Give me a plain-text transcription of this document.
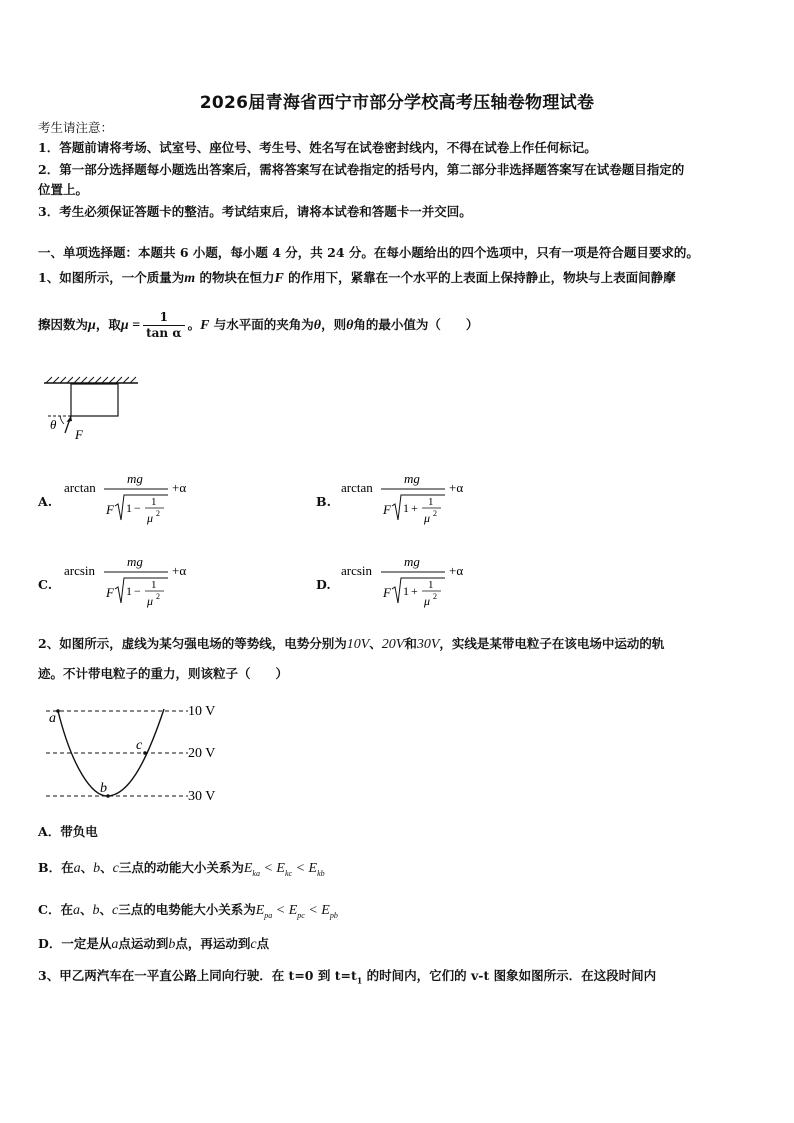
2026届青海省西宁市部分学校高考压轴卷物理试卷
考生请注意：
1．答题前请将考场、试室号、座位号、考生号、姓名写在试卷密封线内，不得在试卷上作任何标记。
2．第一部分选择题每小题选出答案后，需将答案写在试卷指定的括号内，第二部分非选择题答案写在试卷题目指定的
位置上。
3．考生必须保证答题卡的整洁。考试结束后，请将本试卷和答题卡一并交回。
一、单项选择题：本题共 6 小题，每小题 4 分，共 24 分。在每小题给出的四个选项中，只有一项是符合题目要求的。
1、如图所示，一个质量为m 的物块在恒力F 的作用下，紧靠在一个水平的上表面上保持静止，物块与上表面间静摩
擦因数为μ，取$\mu = \frac{1}{\text{tan α}}$ 。F 与水平面的夹角为θ，则θ角的最小值为（　　）
θ
F
A.
arctan
mg
F 1 − 1
μ 2
+α
B.
arctan
mg
F 1 + 1
μ 2
+α
C.
arcsin
mg
F 1 − 1
μ 2
+α
D.
arcsin
mg
F 1 + 1
μ 2
+α
2、如图所示，虚线为某匀强电场的等势线，电势分别为10V、20V和30V，实线是某带电粒子在该电场中运动的轨
迹。不计带电粒子的重力，则该粒子（　　）
10 V
20 V
30 V
a
b
c
A．带负电
B．在a、b、c三点的动能大小关系为$E_{ka} < E_{kc} < E_{kb}$
C．在a、b、c三点的电势能大小关系为$E_{pa} < E_{pc} < E_{pb}$
D．一定是从a点运动到b点，再运动到c点
3、甲乙两汽车在一平直公路上同向行驶．在 t=0 到 $t=t_1$ 的时间内，它们的 v-t 图象如图所示．在这段时间内
